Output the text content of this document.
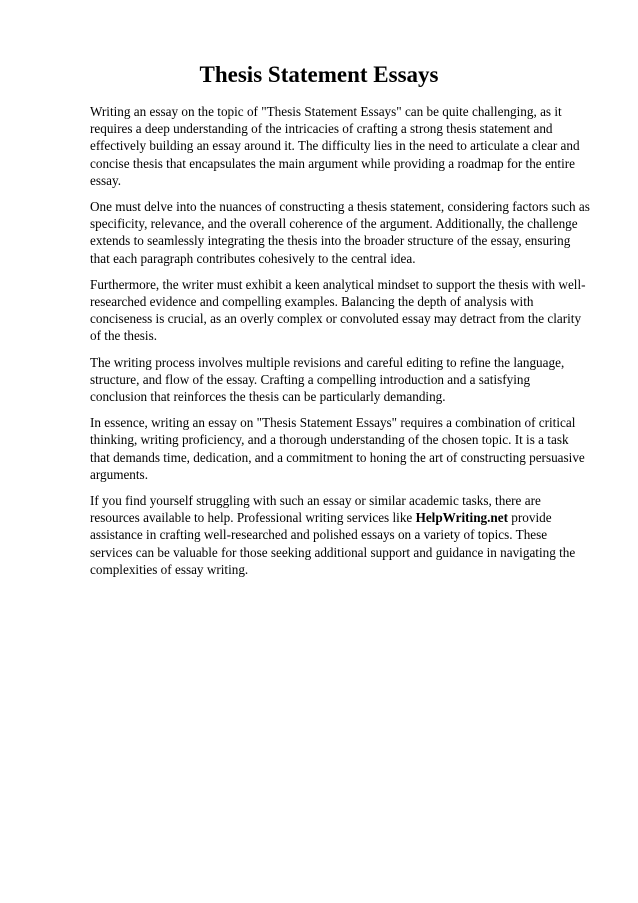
Thesis Statement Essays

Writing an essay on the topic of "Thesis Statement Essays" can be quite challenging, as it requires a deep understanding of the intricacies of crafting a strong thesis statement and effectively building an essay around it. The difficulty lies in the need to articulate a clear and concise thesis that encapsulates the main argument while providing a roadmap for the entire essay.

One must delve into the nuances of constructing a thesis statement, considering factors such as specificity, relevance, and the overall coherence of the argument. Additionally, the challenge extends to seamlessly integrating the thesis into the broader structure of the essay, ensuring that each paragraph contributes cohesively to the central idea.

Furthermore, the writer must exhibit a keen analytical mindset to support the thesis with well-researched evidence and compelling examples. Balancing the depth of analysis with conciseness is crucial, as an overly complex or convoluted essay may detract from the clarity of the thesis.

The writing process involves multiple revisions and careful editing to refine the language, structure, and flow of the essay. Crafting a compelling introduction and a satisfying conclusion that reinforces the thesis can be particularly demanding.

In essence, writing an essay on "Thesis Statement Essays" requires a combination of critical thinking, writing proficiency, and a thorough understanding of the chosen topic. It is a task that demands time, dedication, and a commitment to honing the art of constructing persuasive arguments.

If you find yourself struggling with such an essay or similar academic tasks, there are resources available to help. Professional writing services like HelpWriting.net provide assistance in crafting well-researched and polished essays on a variety of topics. These services can be valuable for those seeking additional support and guidance in navigating the complexities of essay writing.
